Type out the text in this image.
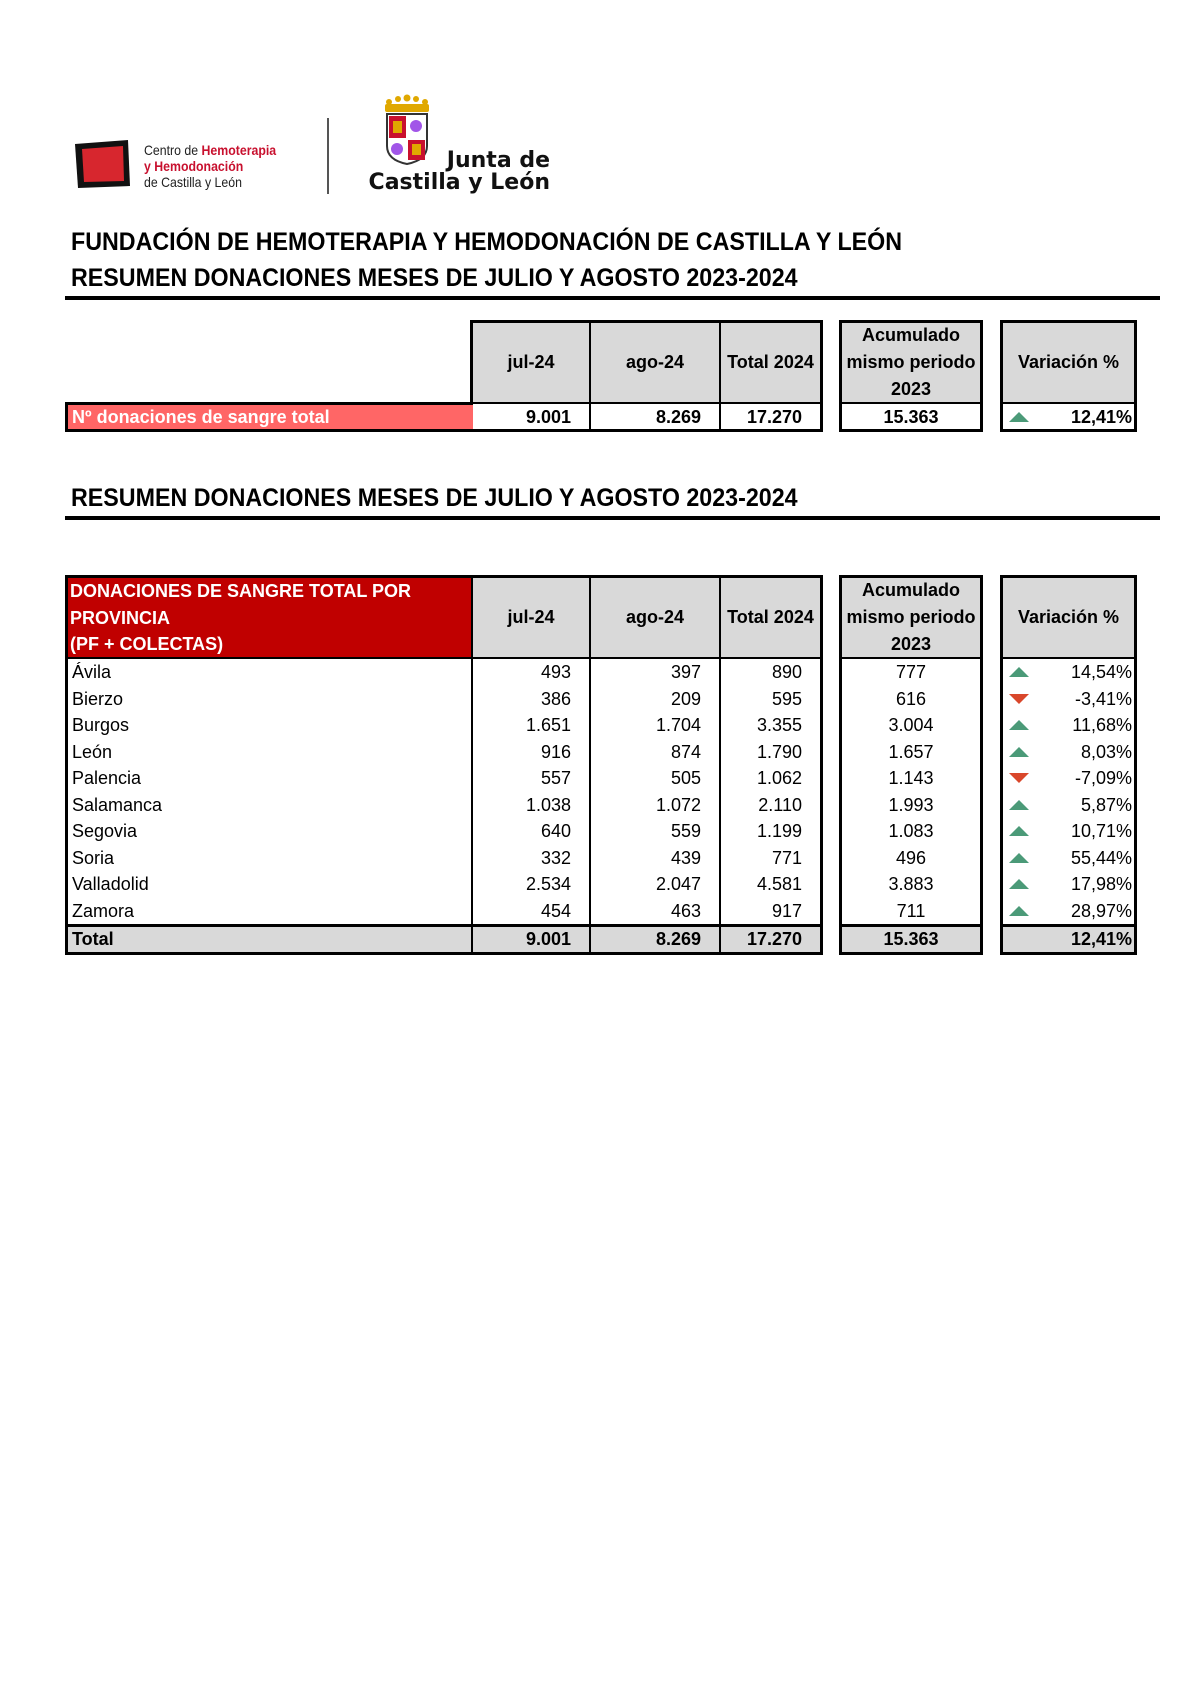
Centro de Hemoterapia
y Hemodonación
de Castilla y León
Junta de
Castilla y León
FUNDACIÓN DE HEMOTERAPIA Y HEMODONACIÓN DE CASTILLA Y LEÓN
RESUMEN DONACIONES MESES DE JULIO Y AGOSTO 2023-2024
jul-24	ago-24	Total 2024
Acumulado
mismo periodo
2023
Variación %
Nº donaciones de sangre total	9.001	8.269	17.270	15.363	12,41%
RESUMEN DONACIONES MESES DE JULIO Y AGOSTO 2023-2024
DONACIONES DE SANGRE TOTAL POR
PROVINCIA
(PF + COLECTAS)
jul-24	ago-24	Total 2024
Acumulado
mismo periodo
2023
Variación %
Ávila	493	397	890	777	14,54%
Bierzo	386	209	595	616	-3,41%
Burgos	1.651	1.704	3.355	3.004	11,68%
León	916	874	1.790	1.657	8,03%
Palencia	557	505	1.062	1.143	-7,09%
Salamanca	1.038	1.072	2.110	1.993	5,87%
Segovia	640	559	1.199	1.083	10,71%
Soria	332	439	771	496	55,44%
Valladolid	2.534	2.047	4.581	3.883	17,98%
Zamora	454	463	917	711	28,97%
Total	9.001	8.269	17.270	15.363	12,41%
